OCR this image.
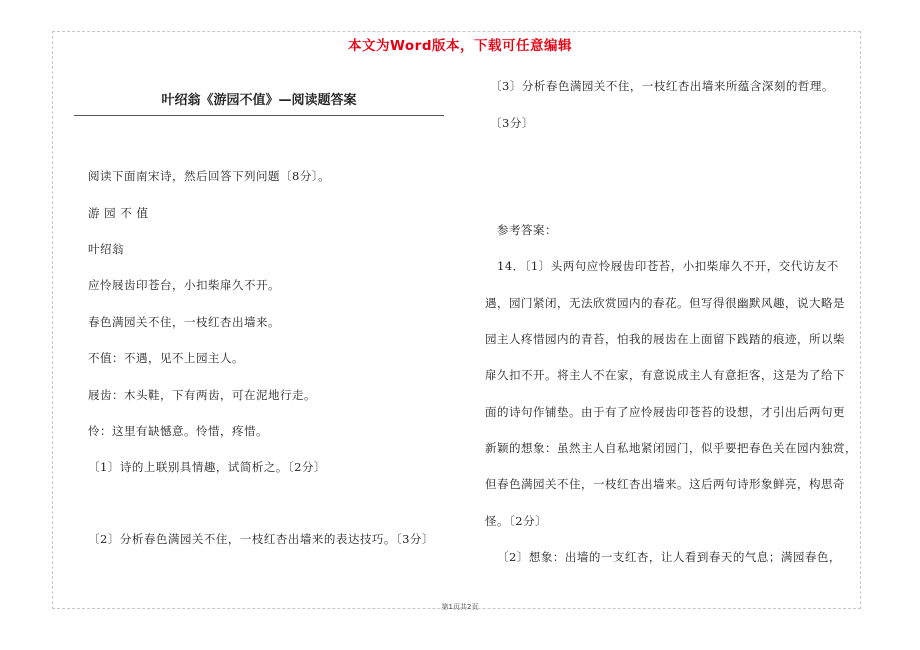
本文为Word版本，下载可任意编辑
叶绍翁《游园不值》—阅读题答案
阅读下面南宋诗，然后回答下列问题〔8分〕。
游 园 不 值
叶绍翁
应怜屐齿印苍台，小扣柴扉久不开。
春色满园关不住，一枝红杏出墙来。
不值：不遇，见不上园主人。
屐齿：木头鞋，下有两齿，可在泥地行走。
怜：这里有缺憾意。怜惜，疼惜。
〔1〕诗的上联别具情趣，试简析之。〔2分〕
〔2〕分析春色满园关不住，一枝红杏出墙来的表达技巧。〔3分〕
〔3〕分析春色满园关不住，一枝红杏出墙来所蕴含深刻的哲理。
〔3分〕
参考答案：
14．〔1〕头两句应怜屐齿印苍苔，小扣柴扉久不开，交代访友不
遇，园门紧闭，无法欣赏园内的春花。但写得很幽默风趣，说大略是
园主人疼惜园内的青苔，怕我的屐齿在上面留下践踏的痕迹，所以柴
扉久扣不开。将主人不在家，有意说成主人有意拒客，这是为了给下
面的诗句作铺垫。由于有了应怜屐齿印苍苔的设想，才引出后两句更
新颖的想象：虽然主人自私地紧闭园门，似乎要把春色关在园内独赏，
但春色满园关不住，一枝红杏出墙来。这后两句诗形象鲜亮，构思奇
怪。〔2分〕
〔2〕想象：出墙的一支红杏，让人看到春天的气息；满园春色，
第1页共2页
